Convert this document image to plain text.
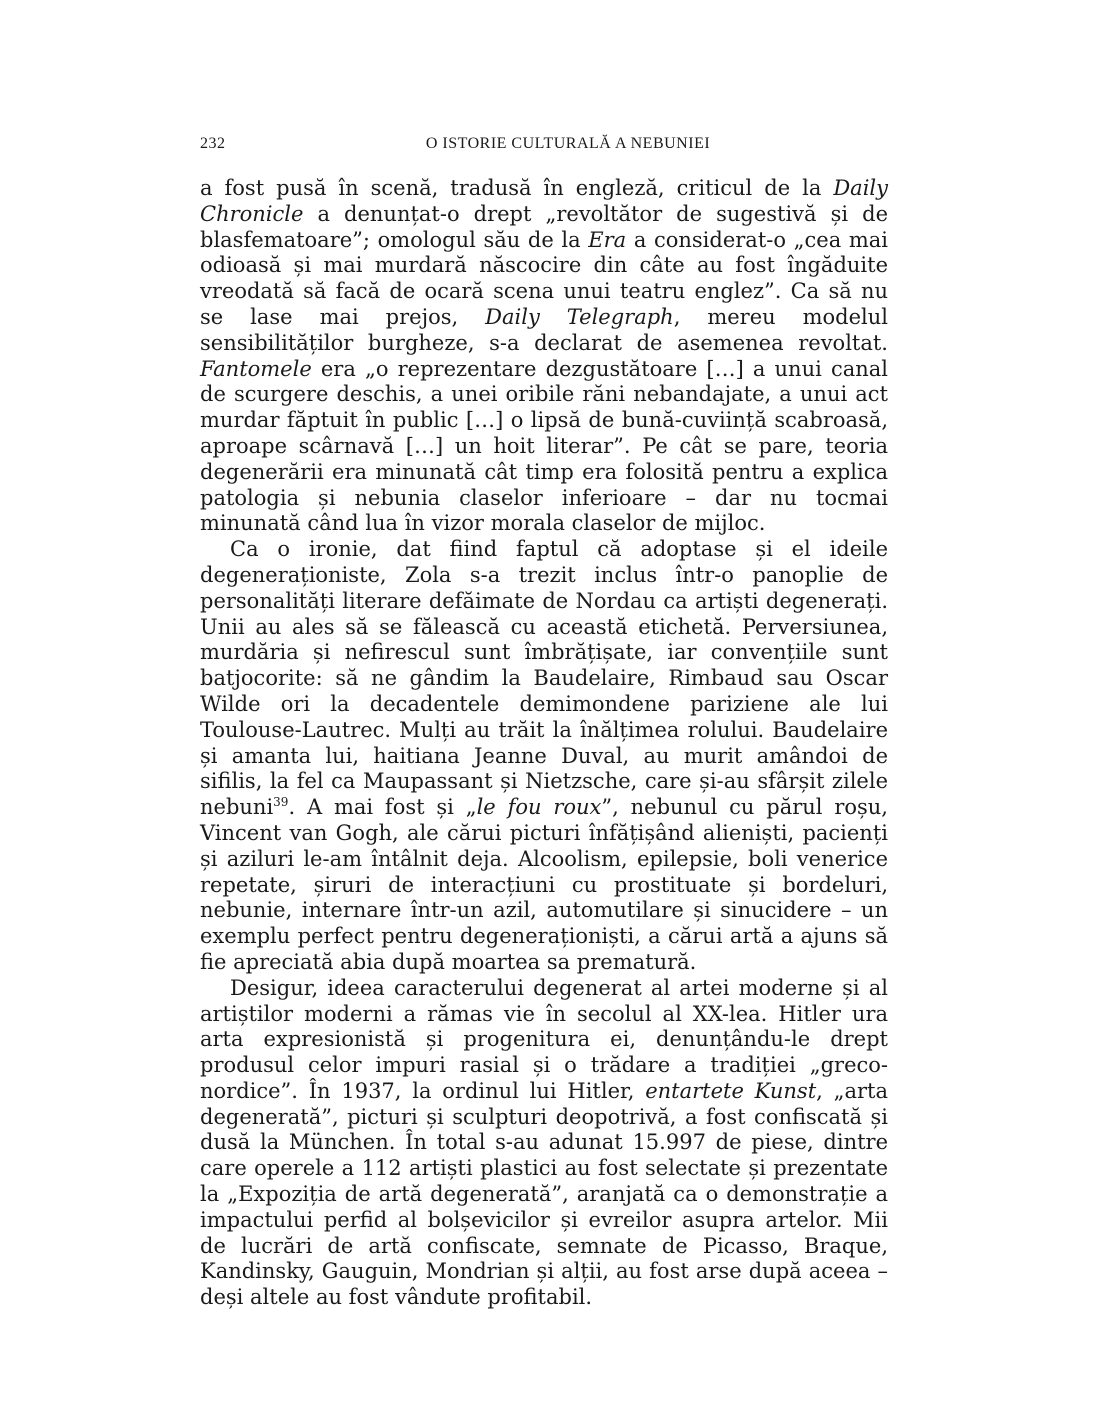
232	O ISTORIE CULTURALĂ A NEBUNIEI

a fost pusă în scenă, tradusă în engleză, criticul de la Daily Chronicle a denunțat-o drept „revoltător de sugestivă și de blasfematoare”; omologul său de la Era a considerat-o „cea mai odioasă și mai murdară născocire din câte au fost îngăduite vreodată să facă de ocară scena unui teatru englez”. Ca să nu se lase mai prejos, Daily Telegraph, mereu modelul sensibilităților burgheze, s-a declarat de asemenea revoltat. Fantomele era „o reprezentare dezgustătoare […] a unui canal de scurgere deschis, a unei oribile răni nebandajate, a unui act murdar făptuit în public […] o lipsă de bună-cuviință scabroasă, aproape scârnavă […] un hoit literar”. Pe cât se pare, teoria degenerării era minunată cât timp era folosită pentru a explica patologia și nebunia claselor inferioare – dar nu tocmai minunată când lua în vizor morala claselor de mijloc.

Ca o ironie, dat fiind faptul că adoptase și el ideile degeneraționiste, Zola s-a trezit inclus într-o panoplie de personalități literare defăimate de Nordau ca artiști degenerați. Unii au ales să se fălească cu această etichetă. Perversiunea, murdăria și nefirescul sunt îmbrățișate, iar convențiile sunt batjocorite: să ne gândim la Baudelaire, Rimbaud sau Oscar Wilde ori la decadentele demimondene pariziene ale lui Toulouse-Lautrec. Mulți au trăit la înălțimea rolului. Baudelaire și amanta lui, haitiana Jeanne Duval, au murit amândoi de sifilis, la fel ca Maupassant și Nietzsche, care și-au sfârșit zilele nebuni$^{39}$. A mai fost și „le fou roux”, nebunul cu părul roșu, Vincent van Gogh, ale cărui picturi înfățișând alieniști, pacienți și aziluri le-am întâlnit deja. Alcoolism, epilepsie, boli venerice repetate, șiruri de interacțiuni cu prostituate și bordeluri, nebunie, internare într-un azil, automutilare și sinucidere – un exemplu perfect pentru degeneraționiști, a cărui artă a ajuns să fie apreciată abia după moartea sa prematură.

Desigur, ideea caracterului degenerat al artei moderne și al artiștilor moderni a rămas vie în secolul al XX-lea. Hitler ura arta expresionistă și progenitura ei, denunțându-le drept produsul celor impuri rasial și o trădare a tradiției „greco-nordice”. În 1937, la ordinul lui Hitler, entartete Kunst, „arta degenerată”, picturi și sculpturi deopotrivă, a fost confiscată și dusă la München. În total s-au adunat 15.997 de piese, dintre care operele a 112 artiști plastici au fost selectate și prezentate la „Expoziția de artă degenerată”, aranjată ca o demonstrație a impactului perfid al bolșevicilor și evreilor asupra artelor. Mii de lucrări de artă confiscate, semnate de Picasso, Braque, Kandinsky, Gauguin, Mondrian și alții, au fost arse după aceea – deși altele au fost vândute profitabil.
